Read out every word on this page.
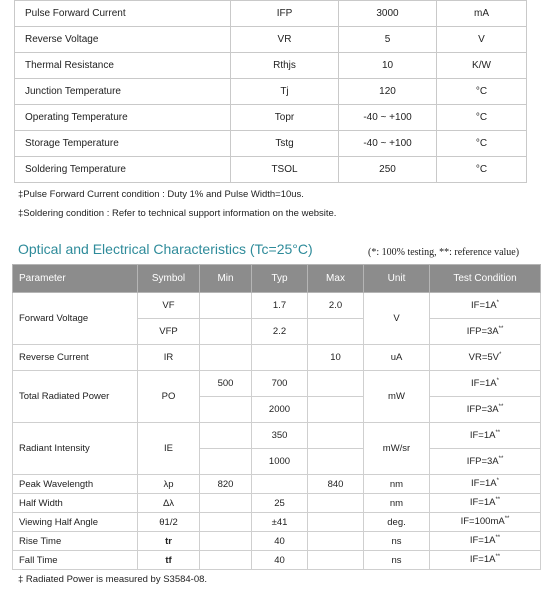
Pulse Forward Current	IFP	3000	mA
Reverse Voltage	VR	5	V
Thermal Resistance	Rthjs	10	K/W
Junction Temperature	Tj	120	°C
Operating Temperature	Topr	-40 ~ +100	°C
Storage Temperature	Tstg	-40 ~ +100	°C
Soldering Temperature	TSOL	250	°C
‡Pulse Forward Current condition : Duty 1% and Pulse Width=10us.
‡Soldering condition : Refer to technical support information on the website.
Optical and Electrical Characteristics (Tc=25°C)	(*: 100% testing, **: reference value)
Parameter	Symbol	Min	Typ	Max	Unit	Test Condition
Forward Voltage	VF		1.7	2.0	V	IF=1A*
	VFP		2.2			IFP=3A**
Reverse Current	IR			10	uA	VR=5V*
Total Radiated Power	PO	500	700		mW	IF=1A*
			2000			IFP=3A**
Radiant Intensity	IE		350		mW/sr	IF=1A**
			1000			IFP=3A**
Peak Wavelength	λp	820		840	nm	IF=1A*
Half Width	Δλ		25		nm	IF=1A**
Viewing Half Angle	θ1/2		±41		deg.	IF=100mA**
Rise Time	tr		40		ns	IF=1A**
Fall Time	tf		40		ns	IF=1A**
‡ Radiated Power is measured by S3584-08.
